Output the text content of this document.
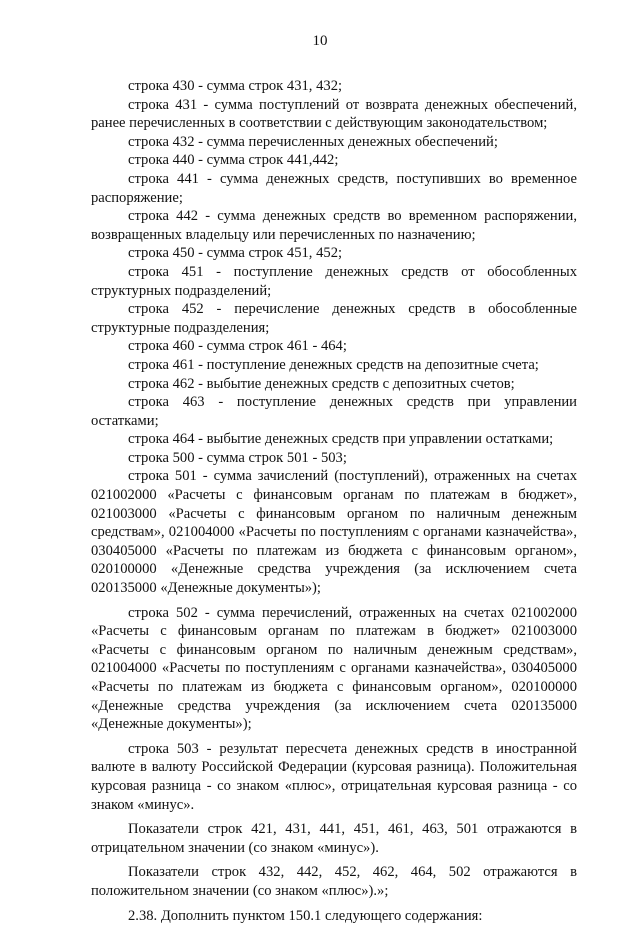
10

строка 430 - сумма строк 431, 432;

строка 431 - сумма поступлений от возврата денежных обеспечений, ранее перечисленных в соответствии с действующим законодательством;

строка 432 - сумма перечисленных денежных обеспечений;

строка 440 - сумма строк 441,442;

строка 441 - сумма денежных средств, поступивших во временное распоряжение;

строка 442 - сумма денежных средств во временном распоряжении, возвращенных владельцу или перечисленных по назначению;

строка 450 - сумма строк 451, 452;

строка 451 - поступление денежных средств от обособленных структурных подразделений;

строка 452 - перечисление денежных средств в обособленные структурные подразделения;

строка 460 - сумма строк 461 - 464;

строка 461 - поступление денежных средств на депозитные счета;

строка 462 - выбытие денежных средств с депозитных счетов;

строка 463 - поступление денежных средств при управлении остатками;

строка 464 - выбытие денежных средств при управлении остатками;

строка 500 - сумма строк 501 - 503;

строка 501 - сумма зачислений (поступлений), отраженных на счетах 021002000 «Расчеты с финансовым органам по платежам в бюджет», 021003000 «Расчеты с финансовым органом по наличным денежным средствам», 021004000 «Расчеты по поступлениям с органами казначейства», 030405000 «Расчеты по платежам из бюджета с финансовым органом», 020100000 «Денежные средства учреждения (за исключением счета 020135000 «Денежные документы»);

строка 502 - сумма перечислений, отраженных на счетах 021002000 «Расчеты с финансовым органам по платежам в бюджет» 021003000 «Расчеты с финансовым органом по наличным денежным средствам», 021004000 «Расчеты по поступлениям с органами казначейства», 030405000 «Расчеты по платежам из бюджета с финансовым органом», 020100000 «Денежные средства учреждения (за исключением счета 020135000 «Денежные документы»);

строка 503 - результат пересчета денежных средств в иностранной валюте в валюту Российской Федерации (курсовая разница). Положительная курсовая разница - со знаком «плюс», отрицательная курсовая разница - со знаком «минус».

Показатели строк 421, 431, 441, 451, 461, 463, 501 отражаются в отрицательном значении (со знаком «минус»).

Показатели строк 432, 442, 452, 462, 464, 502 отражаются в положительном значении (со знаком «плюс»).»;

2.38. Дополнить пунктом 150.1 следующего содержания:
